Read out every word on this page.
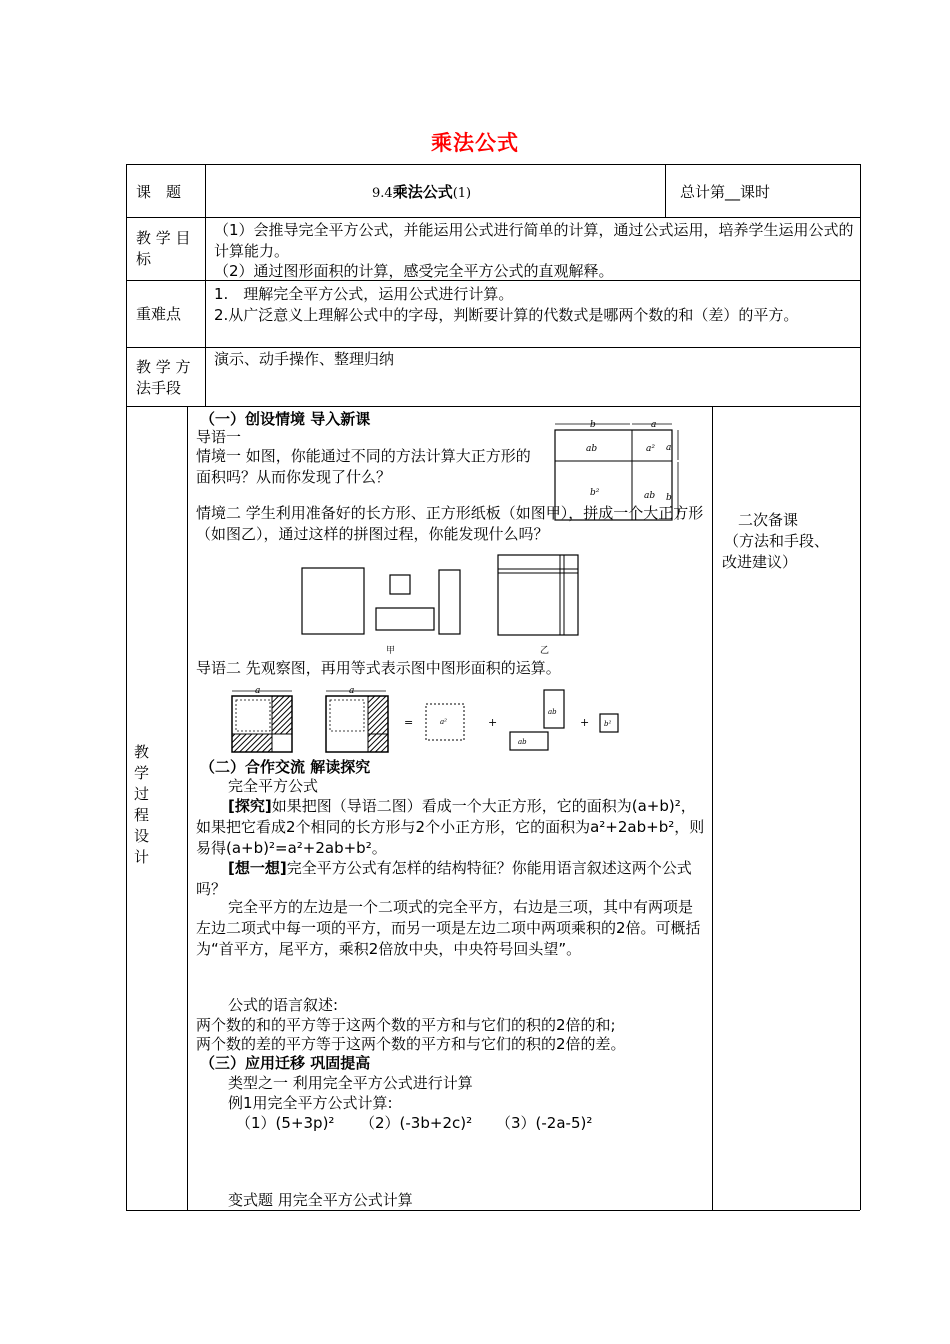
乘法公式
课　题	9.4乘法公式(1)	总计第__课时
教 学 目 标
（1）会推导完全平方公式，并能运用公式进行简单的计算，通过公式运用，培养学生运用公式的计算能力。
（2）通过图形面积的计算，感受完全平方公式的直观解释。
重难点
1.　理解完全平方公式，运用公式进行计算。
2.从广泛意义上理解公式中的字母，判断要计算的代数式是哪两个数的和（差）的平方。
教 学 方 法手段
演示、动手操作、整理归纳
教
学
过
程
设
计
二次备课
（方法和手段、
改进建议）
（一）创设情境 导入新课
导语一
情境一 如图，你能通过不同的方法计算大正方形的面积吗？从而你发现了什么？
情境二 学生利用准备好的长方形、正方形纸板（如图甲），拼成一个大正方形（如图乙），通过这样的拼图过程，你能发现什么吗？
b	a
ab	a²
b²	ab
a
b
甲	乙
导语二 先观察图，再用等式表示图中图形面积的运算。
a	a
=	a²	+
ab
ab
+ b²
（二）合作交流 解读探究
完全平方公式
[探究]如果把图（导语二图）看成一个大正方形，它的面积为(a+b)²，如果把它看成2个相同的长方形与2个小正方形，它的面积为a²+2ab+b²，则易得(a+b)²=a²+2ab+b²。
[想一想]完全平方公式有怎样的结构特征？你能用语言叙述这两个公式吗？
完全平方的左边是一个二项式的完全平方，右边是三项，其中有两项是左边二项式中每一项的平方，而另一项是左边二项中两项乘积的2倍。可概括为“首平方，尾平方，乘积2倍放中央，中央符号回头望”。
公式的语言叙述:
两个数的和的平方等于这两个数的平方和与它们的积的2倍的和;
两个数的差的平方等于这两个数的平方和与它们的积的2倍的差。
（三）应用迁移 巩固提高
类型之一 利用完全平方公式进行计算
例1用完全平方公式计算:
（1）(5+3p)² （2）(-3b+2c)² （3）(-2a-5)²
变式题 用完全平方公式计算
